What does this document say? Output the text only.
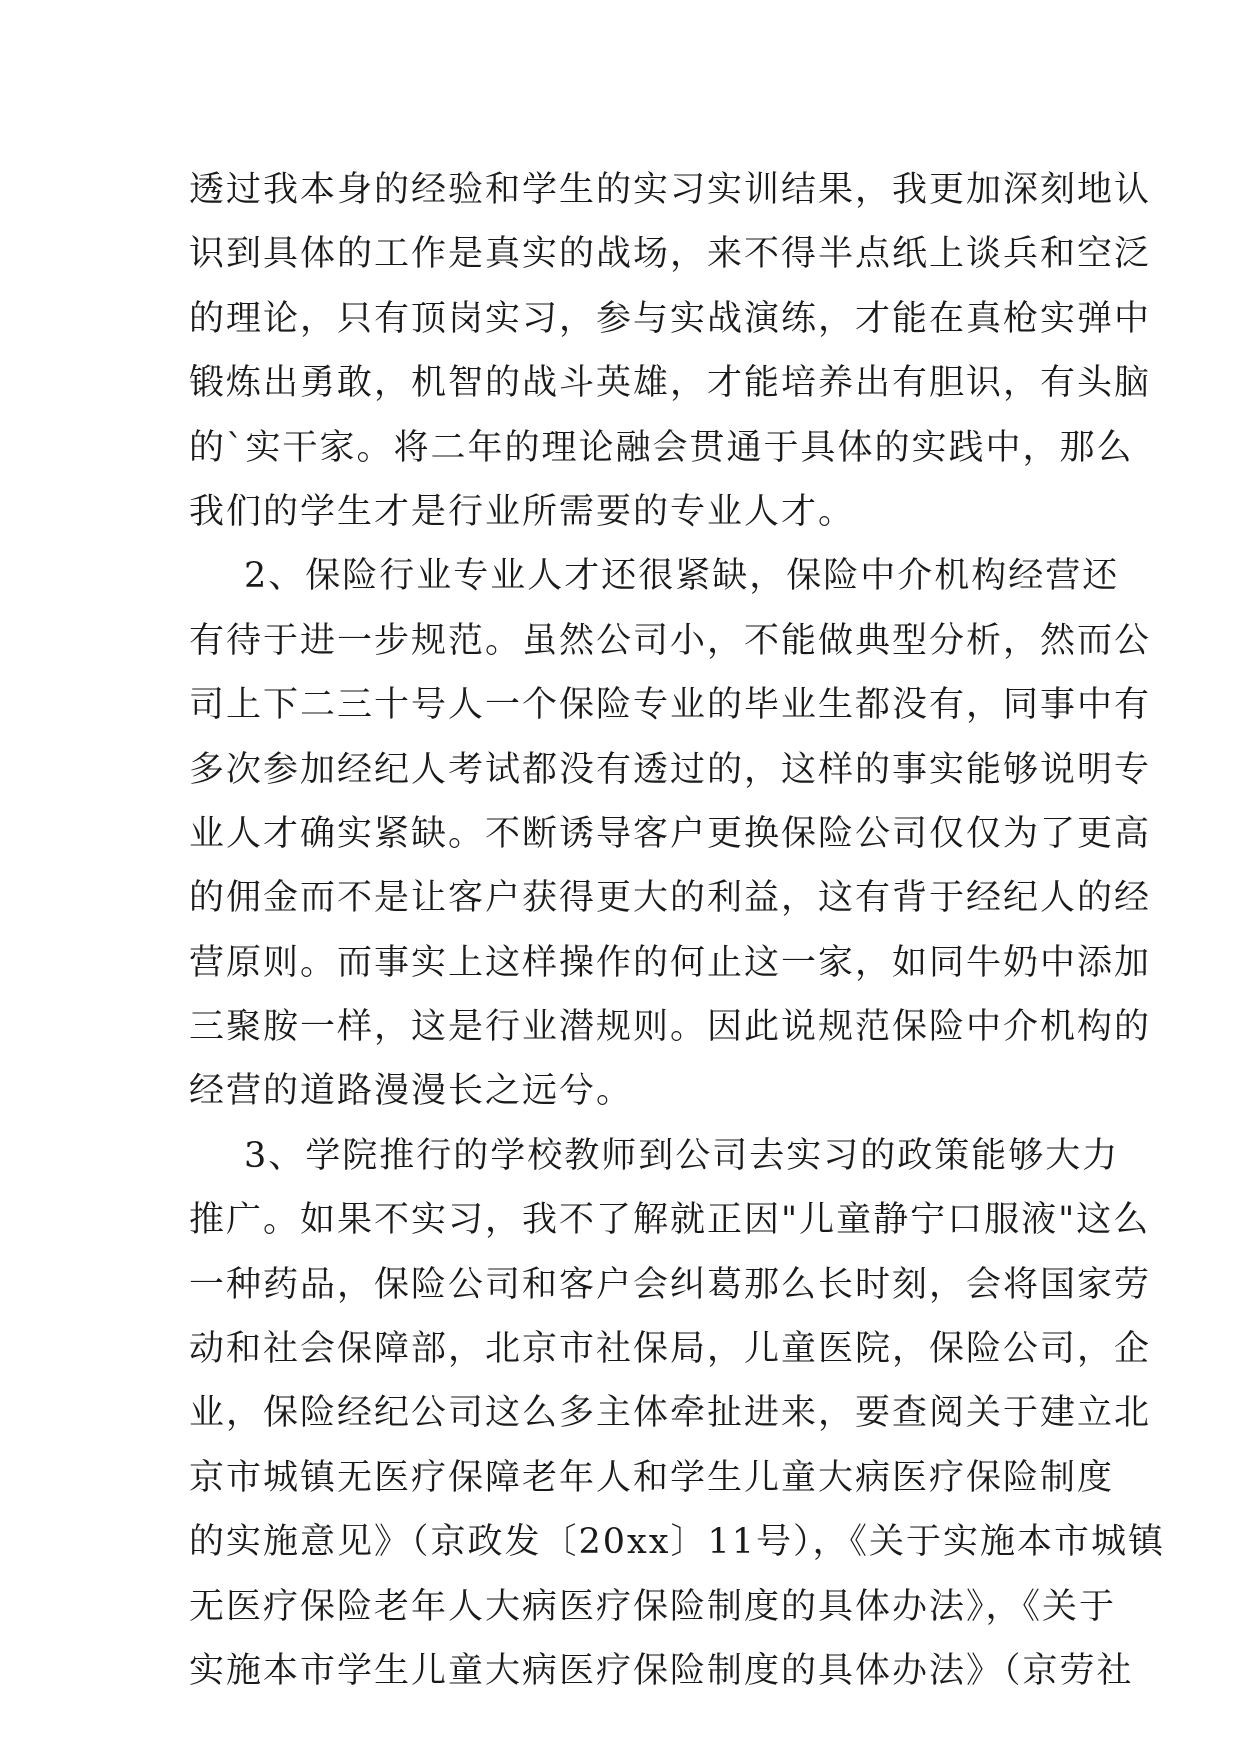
透过我本身的经验和学生的实习实训结果，我更加深刻地认
识到具体的工作是真实的战场，来不得半点纸上谈兵和空泛
的理论，只有顶岗实习，参与实战演练，才能在真枪实弹中
锻炼出勇敢，机智的战斗英雄，才能培养出有胆识，有头脑
的`实干家。将二年的理论融会贯通于具体的实践中，那么
我们的学生才是行业所需要的专业人才。
2、保险行业专业人才还很紧缺，保险中介机构经营还
有待于进一步规范。虽然公司小，不能做典型分析，然而公
司上下二三十号人一个保险专业的毕业生都没有，同事中有
多次参加经纪人考试都没有透过的，这样的事实能够说明专
业人才确实紧缺。不断诱导客户更换保险公司仅仅为了更高
的佣金而不是让客户获得更大的利益，这有背于经纪人的经
营原则。而事实上这样操作的何止这一家，如同牛奶中添加
三聚胺一样，这是行业潜规则。因此说规范保险中介机构的
经营的道路漫漫长之远兮。
3、学院推行的学校教师到公司去实习的政策能够大力
推广。如果不实习，我不了解就正因"儿童静宁口服液"这么
一种药品，保险公司和客户会纠葛那么长时刻，会将国家劳
动和社会保障部，北京市社保局，儿童医院，保险公司，企
业，保险经纪公司这么多主体牵扯进来，要查阅关于建立北
京市城镇无医疗保障老年人和学生儿童大病医疗保险制度
的实施意见》（京政发〔20xx〕11号），《关于实施本市城镇
无医疗保险老年人大病医疗保险制度的具体办法》，《关于
实施本市学生儿童大病医疗保险制度的具体办法》（京劳社
